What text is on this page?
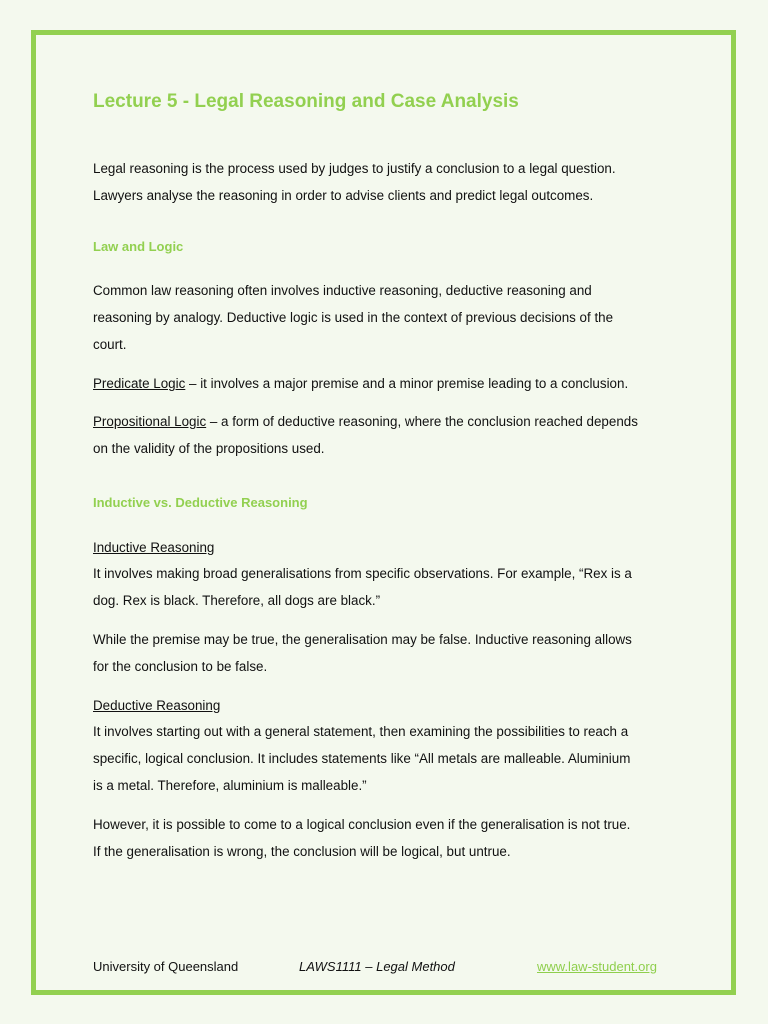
Lecture 5 - Legal Reasoning and Case Analysis
Legal reasoning is the process used by judges to justify a conclusion to a legal question.
Lawyers analyse the reasoning in order to advise clients and predict legal outcomes.
Law and Logic
Common law reasoning often involves inductive reasoning, deductive reasoning and
reasoning by analogy. Deductive logic is used in the context of previous decisions of the
court.
Predicate Logic – it involves a major premise and a minor premise leading to a conclusion.
Propositional Logic – a form of deductive reasoning, where the conclusion reached depends
on the validity of the propositions used.
Inductive vs. Deductive Reasoning
Inductive Reasoning
It involves making broad generalisations from specific observations. For example, “Rex is a
dog. Rex is black. Therefore, all dogs are black.”
While the premise may be true, the generalisation may be false. Inductive reasoning allows
for the conclusion to be false.
Deductive Reasoning
It involves starting out with a general statement, then examining the possibilities to reach a
specific, logical conclusion. It includes statements like “All metals are malleable. Aluminium
is a metal. Therefore, aluminium is malleable.”
However, it is possible to come to a logical conclusion even if the generalisation is not true.
If the generalisation is wrong, the conclusion will be logical, but untrue.
University of Queensland	LAWS1111 – Legal Method	www.law-student.org
